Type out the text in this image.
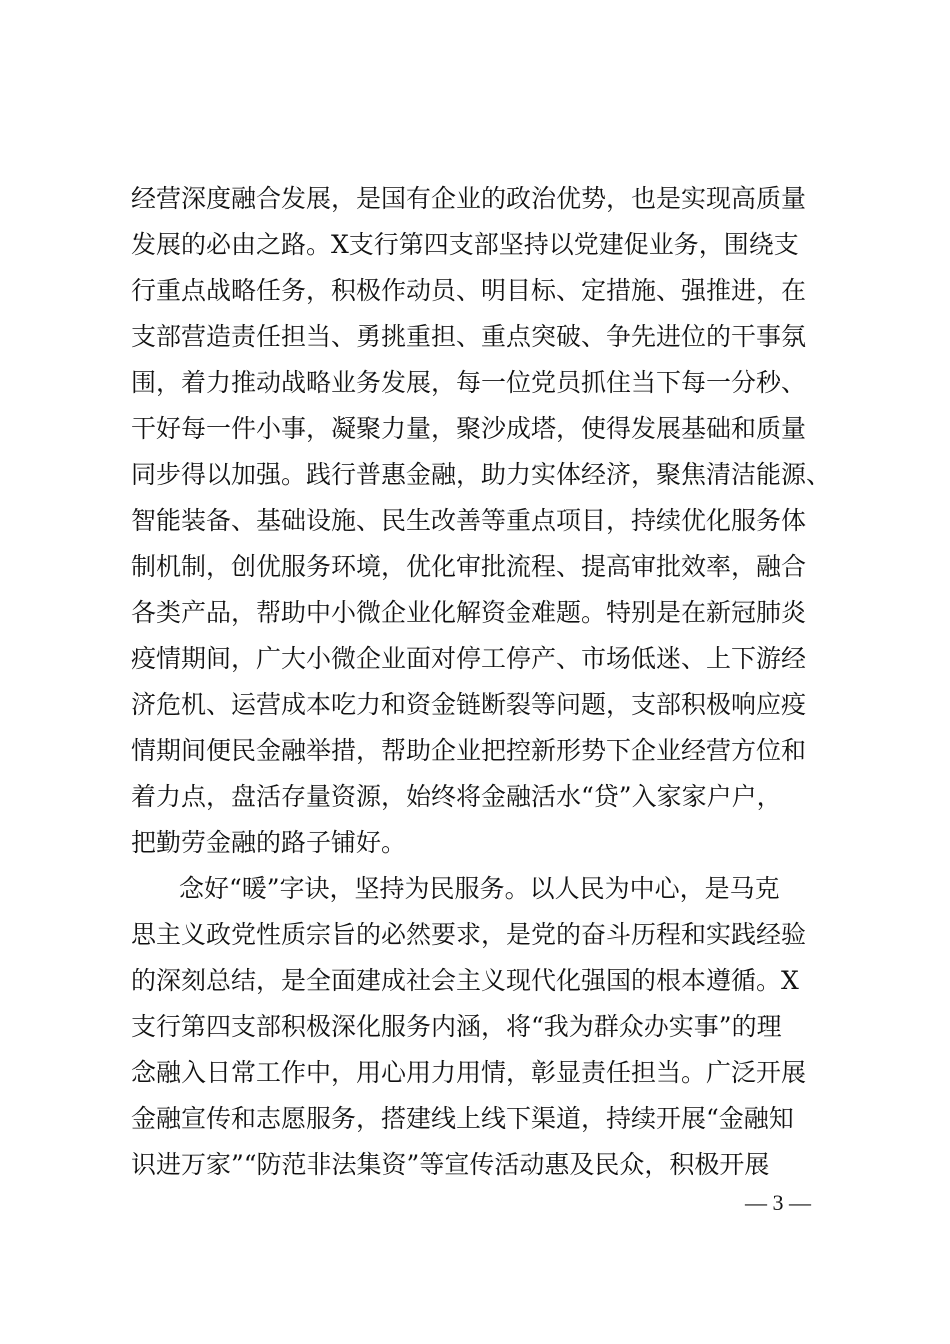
经营深度融合发展，是国有企业的政治优势，也是实现高质量
发展的必由之路。X支行第四支部坚持以党建促业务，围绕支
行重点战略任务，积极作动员、明目标、定措施、强推进，在
支部营造责任担当、勇挑重担、重点突破、争先进位的干事氛
围，着力推动战略业务发展，每一位党员抓住当下每一分秒、
干好每一件小事，凝聚力量，聚沙成塔，使得发展基础和质量
同步得以加强。践行普惠金融，助力实体经济，聚焦清洁能源、
智能装备、基础设施、民生改善等重点项目，持续优化服务体
制机制，创优服务环境，优化审批流程、提高审批效率，融合
各类产品，帮助中小微企业化解资金难题。特别是在新冠肺炎
疫情期间，广大小微企业面对停工停产、市场低迷、上下游经
济危机、运营成本吃力和资金链断裂等问题，支部积极响应疫
情期间便民金融举措，帮助企业把控新形势下企业经营方位和
着力点，盘活存量资源，始终将金融活水“贷”入家家户户，
把勤劳金融的路子铺好。
念好“暖”字诀，坚持为民服务。以人民为中心，是马克
思主义政党性质宗旨的必然要求，是党的奋斗历程和实践经验
的深刻总结，是全面建成社会主义现代化强国的根本遵循。X
支行第四支部积极深化服务内涵，将“我为群众办实事”的理
念融入日常工作中，用心用力用情，彰显责任担当。广泛开展
金融宣传和志愿服务，搭建线上线下渠道，持续开展“金融知
识进万家”“防范非法集资”等宣传活动惠及民众，积极开展
— 3 —
